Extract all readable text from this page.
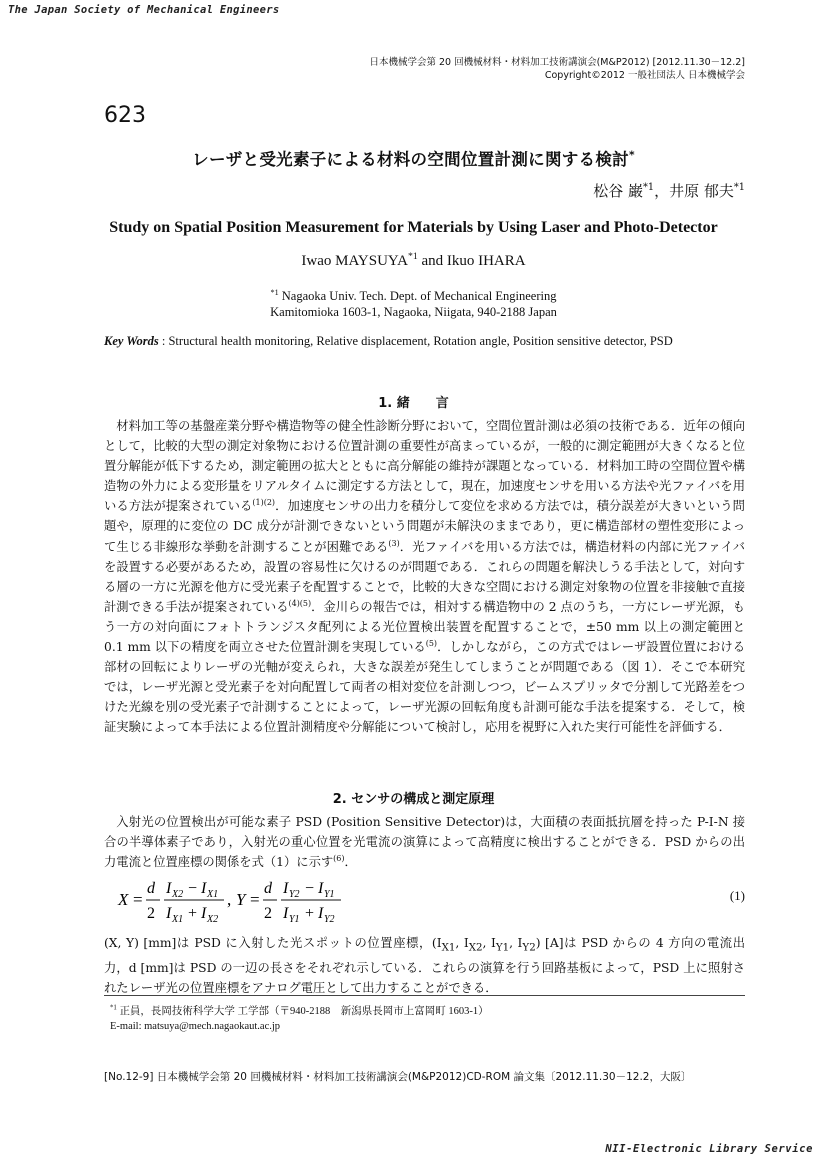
The Japan Society of Mechanical Engineers
日本機械学会第 20 回機械材料・材料加工技術講演会(M&P2012) [2012.11.30－12.2]
Copyright©2012 一般社団法人 日本機械学会
623
レーザと受光素子による材料の空間位置計測に関する検討*
松谷 巌$^{*1}$，井原 郁夫$^{*1}$
Study on Spatial Position Measurement for Materials by Using Laser and Photo-Detector
Iwao MAYSUYA$^{*1}$ and Ikuo IHARA
$^{*1}$ Nagaoka Univ. Tech. Dept. of Mechanical Engineering
Kamitomioka 1603-1, Nagaoka, Niigata, 940-2188 Japan
Key Words : Structural health monitoring, Relative displacement, Rotation angle, Position sensitive detector, PSD
1. 緒　　言
材料加工等の基盤産業分野や構造物等の健全性診断分野において，空間位置計測は必須の技術である．近年の傾向として，比較的大型の測定対象物における位置計測の重要性が高まっているが，一般的に測定範囲が大きくなると位置分解能が低下するため，測定範囲の拡大とともに高分解能の維持が課題となっている．材料加工時の空間位置や構造物の外力による変形量をリアルタイムに測定する方法として，現在，加速度センサを用いる方法や光ファイバを用いる方法が提案されている$^{(1)(2)}$．加速度センサの出力を積分して変位を求める方法では，積分誤差が大きいという問題や，原理的に変位の DC 成分が計測できないという問題が未解決のままであり，更に構造部材の塑性変形によって生じる非線形な挙動を計測することが困難である$^{(3)}$．光ファイバを用いる方法では，構造材料の内部に光ファイバを設置する必要があるため，設置の容易性に欠けるのが問題である．これらの問題を解決しうる手法として，対向する層の一方に光源を他方に受光素子を配置することで，比較的大きな空間における測定対象物の位置を非接触で直接計測できる手法が提案されている$^{(4)(5)}$．金川らの報告では，相対する構造物中の 2 点のうち，一方にレーザ光源，もう一方の対向面にフォトトランジスタ配列による光位置検出装置を配置することで，±50 mm 以上の測定範囲と 0.1 mm 以下の精度を両立させた位置計測を実現している$^{(5)}$．しかしながら，この方式ではレーザ設置位置における部材の回転によりレーザの光軸が変えられ，大きな誤差が発生してしまうことが問題である（図 1）．そこで本研究では，レーザ光源と受光素子を対向配置して両者の相対変位を計測しつつ，ビームスプリッタで分割して光路差をつけた光線を別の受光素子で計測することによって，レーザ光源の回転角度も計測可能な手法を提案する．そして，検証実験によって本手法による位置計測精度や分解能について検討し，応用を視野に入れた実行可能性を評価する．
2. センサの構成と測定原理
入射光の位置検出が可能な素子 PSD (Position Sensitive Detector)は，大面積の表面抵抗層を持った P-I-N 接合の半導体素子であり，入射光の重心位置を光電流の演算によって高精度に検出することができる．PSD からの出力電流と位置座標の関係を式（1）に示す$^{(6)}$．
X =
d
2
I X2 − I X1
I X1 + I X2
, Y =
d
2
I Y2 − I Y1
I Y1 + I Y2
(1)
(X, Y) [mm]は PSD に入射した光スポットの位置座標，($I_{X1}$, $I_{X2}$, $I_{Y1}$, $I_{Y2}$) [A]は PSD からの 4 方向の電流出力，d [mm]は PSD の一辺の長さをそれぞれ示している．これらの演算を行う回路基板によって，PSD 上に照射されたレーザ光の位置座標をアナログ電圧として出力することができる．
$^{*1}$ 正員，長岡技術科学大学 工学部（〒940-2188　新潟県長岡市上富岡町 1603-1）
E-mail: matsuya@mech.nagaokaut.ac.jp
[No.12-9] 日本機械学会第 20 回機械材料・材料加工技術講演会(M&P2012)CD-ROM 論文集〔2012.11.30－12.2，大阪〕
NII-Electronic Library Service
